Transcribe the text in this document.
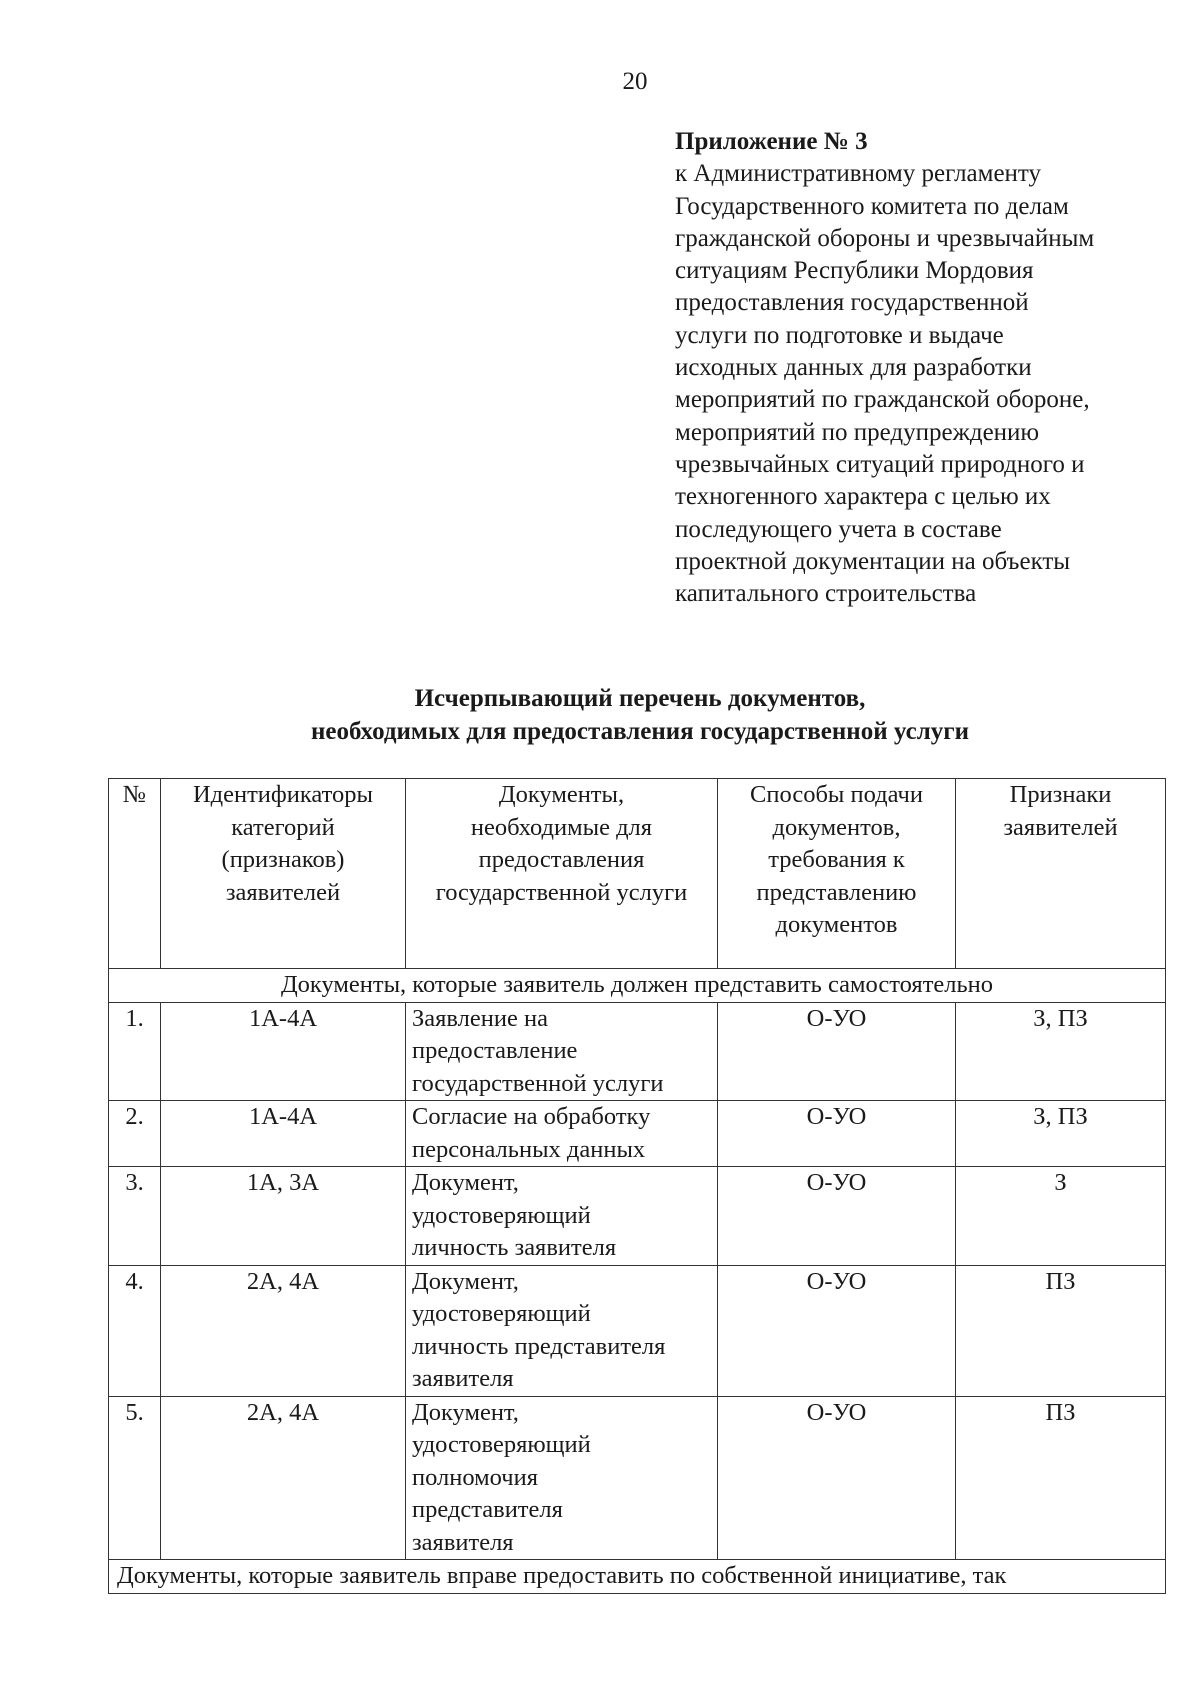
20
Приложение № 3
к Административному регламенту
Государственного комитета по делам
гражданской обороны и чрезвычайным
ситуациям Республики Мордовия
предоставления государственной
услуги по подготовке и выдаче
исходных данных для разработки
мероприятий по гражданской обороне,
мероприятий по предупреждению
чрезвычайных ситуаций природного и
техногенного характера с целью их
последующего учета в составе
проектной документации на объекты
капитального строительства
Исчерпывающий перечень документов,
необходимых для предоставления государственной услуги
№	Идентификаторы
категорий
(признаков)
заявителей	Документы,
необходимые для
предоставления
государственной услуги	Способы подачи
документов,
требования к
представлению
документов	Признаки
заявителей
Документы, которые заявитель должен представить самостоятельно				
1.	1А-4А	Заявление на
предоставление
государственной услуги	О-УО	З, ПЗ
2.	1А-4А	Согласие на обработку
персональных данных	О-УО	З, ПЗ
3.	1А, 3А	Документ,
удостоверяющий
личность заявителя	О-УО	З
4.	2А, 4А	Документ,
удостоверяющий
личность представителя
заявителя	О-УО	ПЗ
5.	2А, 4А	Документ,
удостоверяющий
полномочия
представителя
заявителя	О-УО	ПЗ
Документы, которые заявитель вправе предоставить по собственной инициативе, так				
